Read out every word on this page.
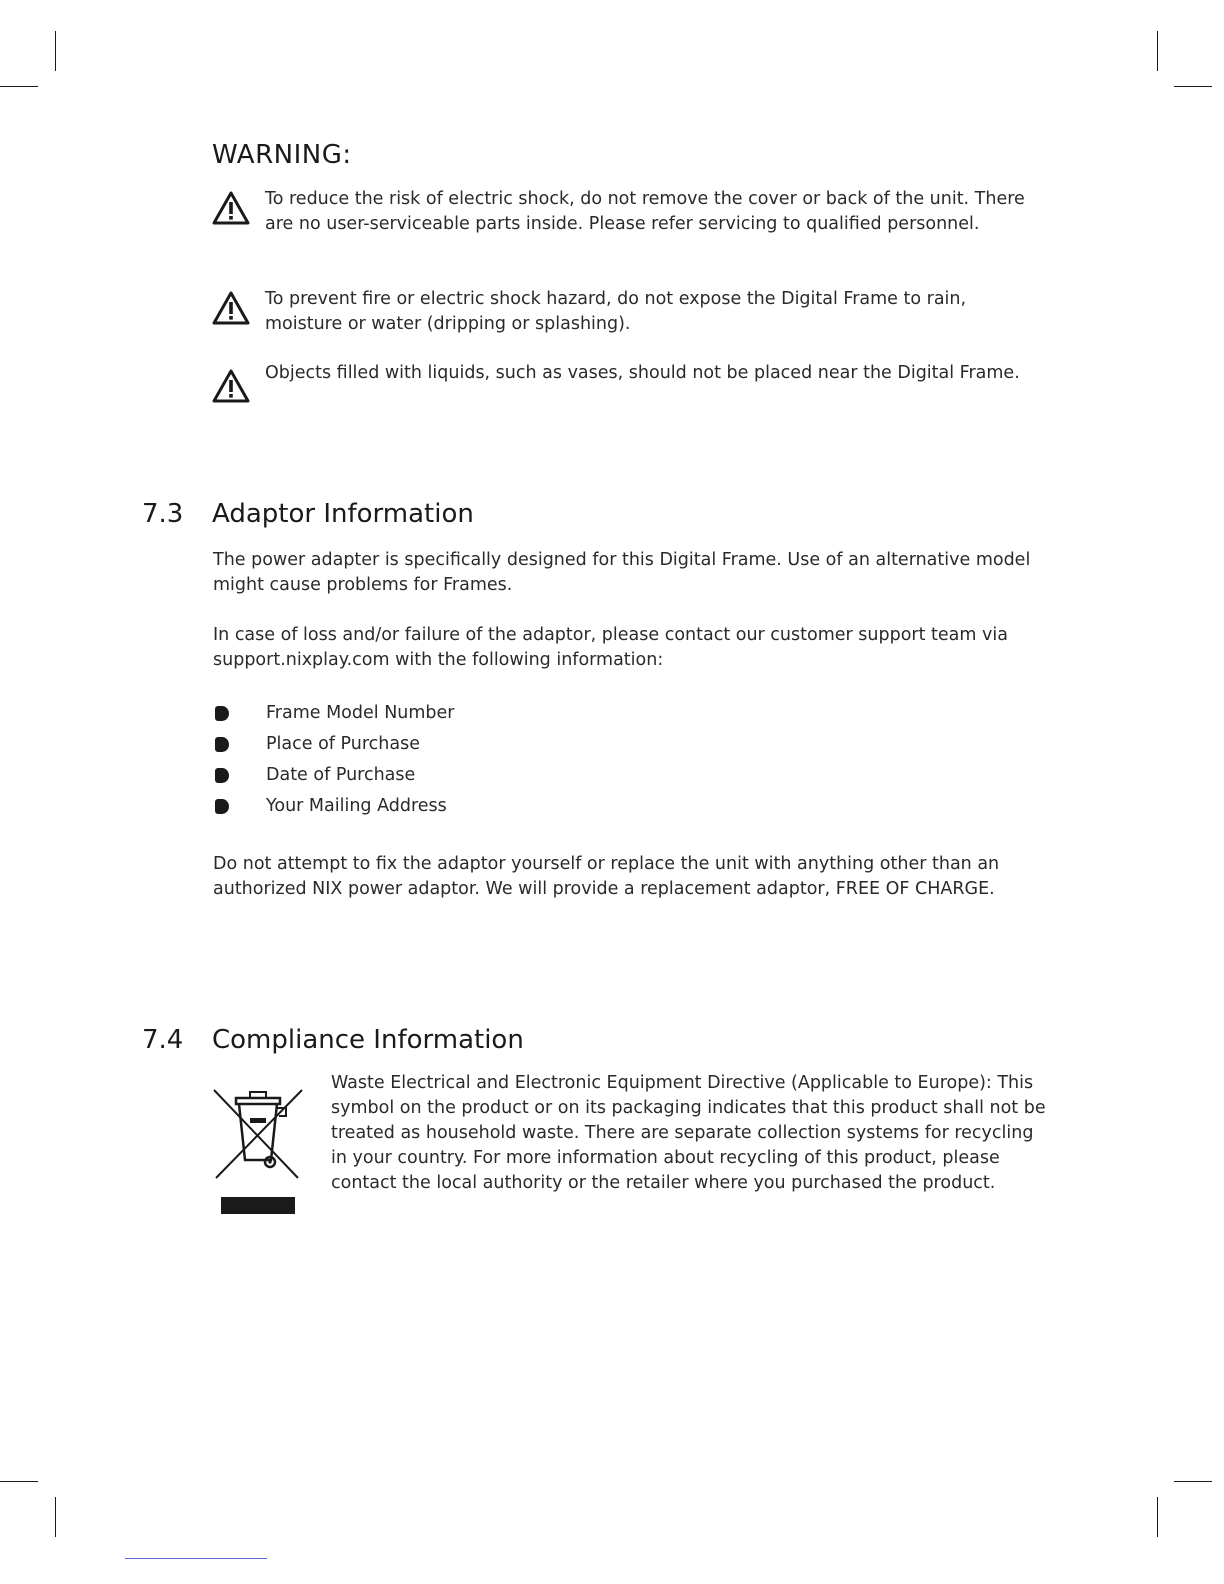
WARNING:

To reduce the risk of electric shock, do not remove the cover or back of the unit. There are no user-serviceable parts inside. Please refer servicing to qualified personnel.

To prevent fire or electric shock hazard, do not expose the Digital Frame to rain, moisture or water (dripping or splashing).

Objects filled with liquids, such as vases, should not be placed near the Digital Frame.

7.3 Adaptor Information

The power adapter is specifically designed for this Digital Frame. Use of an alternative model might cause problems for Frames.

In case of loss and/or failure of the adaptor, please contact our customer support team via support.nixplay.com with the following information:

Frame Model Number
Place of Purchase
Date of Purchase
Your Mailing Address

Do not attempt to fix the adaptor yourself or replace the unit with anything other than an authorized NIX power adaptor. We will provide a replacement adaptor, FREE OF CHARGE.

7.4 Compliance Information

Waste Electrical and Electronic Equipment Directive (Applicable to Europe): This symbol on the product or on its packaging indicates that this product shall not be treated as household waste. There are separate collection systems for recycling in your country. For more information about recycling of this product, please contact the local authority or the retailer where you purchased the product.
